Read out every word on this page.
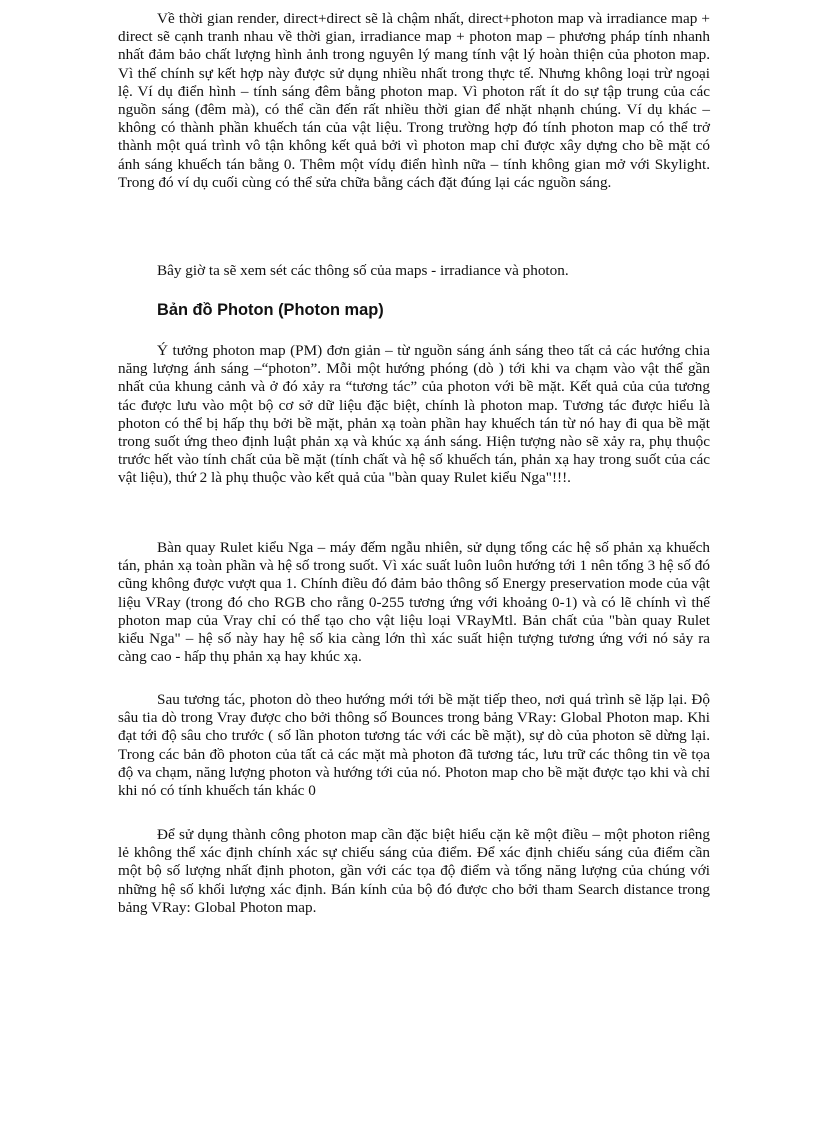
Về thời gian render, direct+direct sẽ là chậm nhất, direct+photon map và irradiance map + direct sẽ cạnh tranh nhau về thời gian, irradiance map + photon map – phương pháp tính nhanh nhất đảm bảo chất lượng hình ảnh trong nguyên lý mang tính vật lý hoàn thiện của photon map. Vì thế chính sự kết hợp này được sử dụng nhiều nhất trong thực tế. Nhưng không loại trừ ngoại lệ. Ví dụ điển hình – tính sáng đêm bằng photon map. Vì photon rất ít do sự tập trung của các nguồn sáng (đêm mà), có thể cần đến rất nhiều thời gian để nhặt nhạnh chúng. Ví dụ khác – không có thành phần khuếch tán của vật liệu. Trong trường hợp đó tính photon map có thể trở thành một quá trình vô tận không kết quả bởi vì photon map chỉ được xây dựng cho bề mặt có ánh sáng khuếch tán bằng 0. Thêm một vídụ điển hình nữa – tính không gian mở với Skylight. Trong đó ví dụ cuối cùng có thể sửa chữa bằng cách đặt đúng lại các nguồn sáng.

Bây giờ ta sẽ xem sét các thông số của maps - irradiance và photon.

Bản đồ Photon (Photon map)

Ý tưởng photon map (PM) đơn giản – từ nguồn sáng ánh sáng theo tất cả các hướng chia năng lượng ánh sáng –“photon”. Mỗi một hướng phóng (dò ) tới khi va chạm vào vật thể gần nhất của khung cảnh và ở đó xảy ra “tương tác” của photon với bề mặt. Kết quả của của tương tác được lưu vào một bộ cơ sở dữ liệu đặc biệt, chính là photon map. Tương tác được hiểu là photon có thể bị hấp thụ bởi bề mặt, phản xạ toàn phần hay khuếch tán từ nó hay đi qua bề mặt trong suốt ứng theo định luật phản xạ và khúc xạ ánh sáng. Hiện tượng nào sẽ xảy ra, phụ thuộc trước hết vào tính chất của bề mặt (tính chất và hệ số khuếch tán, phản xạ hay trong suốt của các vật liệu), thứ 2 là phụ thuộc vào kết quả của "bàn quay Rulet kiểu Nga"!!!.

Bàn quay Rulet kiểu Nga – máy đếm ngẫu nhiên, sử dụng tổng các hệ số phản xạ khuếch tán, phản xạ toàn phần và hệ số trong suốt. Vì xác suất luôn luôn hướng tới 1 nên tổng 3 hệ số đó cũng không được vượt qua 1. Chính điều đó đảm bảo thông số Energy preservation mode của vật liệu VRay (trong đó cho RGB cho rằng 0-255 tương ứng với khoảng 0-1) và có lẽ chính vì thế photon map của Vray chỉ có thể tạo cho vật liệu loại VRayMtl. Bản chất của "bàn quay Rulet kiểu Nga" – hệ số này hay hệ số kia càng lớn thì xác suất hiện tượng tương ứng với nó sảy ra càng cao - hấp thụ phản xạ hay khúc xạ.

Sau tương tác, photon dò theo hướng mới tới bề mặt tiếp theo, nơi quá trình sẽ lặp lại. Độ sâu tia dò trong Vray được cho bởi thông số Bounces trong bảng VRay: Global Photon map. Khi đạt tới độ sâu cho trước ( số lần photon tương tác với các bề mặt), sự dò của photon sẽ dừng lại. Trong các bản đồ photon của tất cả các mặt mà photon đã tương tác, lưu trữ các thông tin về tọa độ va chạm, năng lượng photon và hướng tới của nó. Photon map cho bề mặt được tạo khi và chỉ khi nó có tính khuếch tán khác 0

Để sử dụng thành công photon map cần đặc biệt hiểu cặn kẽ một điều – một photon riêng lẻ không thể xác định chính xác sự chiếu sáng của điểm. Để xác định chiếu sáng của điểm cần một bộ số lượng nhất định photon, gần với các tọa độ điểm và tổng năng lượng của chúng với những hệ số khối lượng xác định. Bán kính của bộ đó được cho bởi tham Search distance trong bảng VRay: Global Photon map.
